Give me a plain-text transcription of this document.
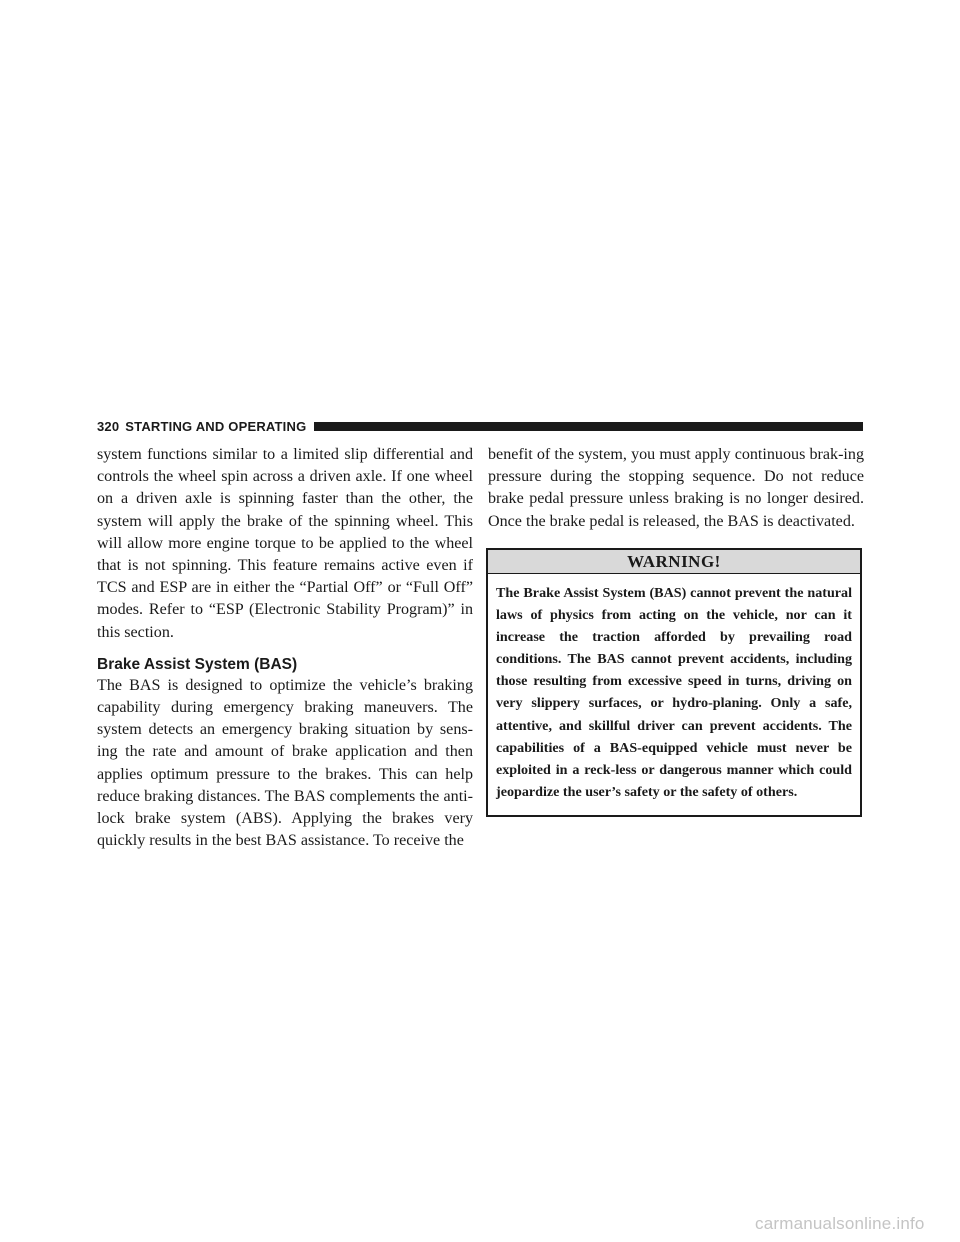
320 STARTING AND OPERATING

system functions similar to a limited slip differential and controls the wheel spin across a driven axle. If one wheel on a driven axle is spinning faster than the other, the system will apply the brake of the spinning wheel. This will allow more engine torque to be applied to the wheel that is not spinning. This feature remains active even if TCS and ESP are in either the “Partial Off” or “Full Off” modes. Refer to “ESP (Electronic Stability Program)” in this section.

Brake Assist System (BAS)

The BAS is designed to optimize the vehicle’s braking capability during emergency braking maneuvers. The system detects an emergency braking situation by sens-ing the rate and amount of brake application and then applies optimum pressure to the brakes. This can help reduce braking distances. The BAS complements the anti-lock brake system (ABS). Applying the brakes very quickly results in the best BAS assistance. To receive the

benefit of the system, you must apply continuous brak-ing pressure during the stopping sequence. Do not reduce brake pedal pressure unless braking is no longer desired. Once the brake pedal is released, the BAS is deactivated.

WARNING!
The Brake Assist System (BAS) cannot prevent the natural laws of physics from acting on the vehicle, nor can it increase the traction afforded by prevailing road conditions. The BAS cannot prevent accidents, including those resulting from excessive speed in turns, driving on very slippery surfaces, or hydro-planing. Only a safe, attentive, and skillful driver can prevent accidents. The capabilities of a BAS-equipped vehicle must never be exploited in a reck-less or dangerous manner which could jeopardize the user’s safety or the safety of others.
carmanualsonline.info
